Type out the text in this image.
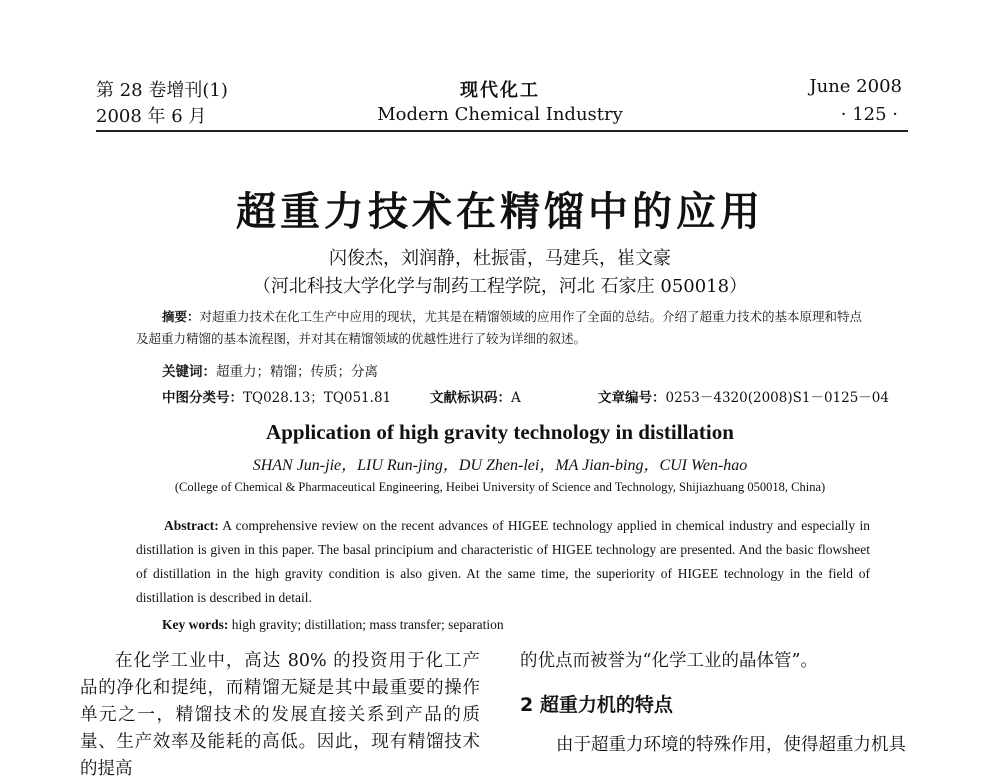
第 28 卷增刊(1)
2008 年 6 月
现代化工
Modern Chemical Industry
June 2008
· 125 ·
超重力技术在精馏中的应用
闪俊杰，刘润静，杜振雷，马建兵，崔文豪
（河北科技大学化学与制药工程学院，河北 石家庄 050018）
摘要：对超重力技术在化工生产中应用的现状，尤其是在精馏领域的应用作了全面的总结。介绍了超重力技术的基本原理和特点及超重力精馏的基本流程图，并对其在精馏领域的优越性进行了较为详细的叙述。
关键词：超重力；精馏；传质；分离
中图分类号：TQ028.13；TQ051.81	文献标识码：A	文章编号：0253－4320(2008)S1－0125－04
Application of high gravity technology in distillation
SHAN Jun-jie，LIU Run-jing，DU Zhen-lei，MA Jian-bing，CUI Wen-hao
(College of Chemical & Pharmaceutical Engineering, Heibei University of Science and Technology, Shijiazhuang 050018, China)
Abstract: A comprehensive review on the recent advances of HIGEE technology applied in chemical industry and especially in distillation is given in this paper. The basal principium and characteristic of HIGEE technology are presented. And the basic flowsheet of distillation in the high gravity condition is also given. At the same time, the superiority of HIGEE technology in the field of distillation is described in detail.
Key words: high gravity; distillation; mass transfer; separation
在化学工业中，高达 80% 的投资用于化工产品的净化和提纯，而精馏无疑是其中最重要的操作单元之一，精馏技术的发展直接关系到产品的质量、生产效率及能耗的高低。因此，现有精馏技术的提高
的优点而被誉为“化学工业的晶体管”。
2 超重力机的特点
由于超重力环境的特殊作用，使得超重力机具
